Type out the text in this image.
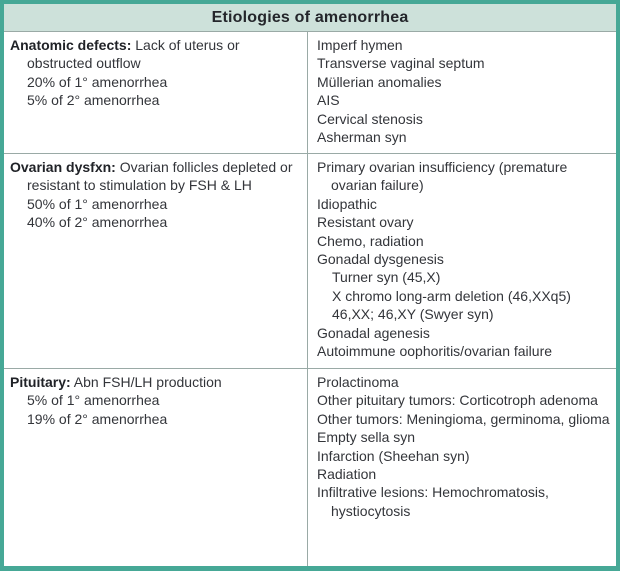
Etiologies of amenorrhea

Anatomic defects: Lack of uterus or obstructed outflow

20% of 1° amenorrhea
5% of 2° amenorrhea

Imperf hymen

Transverse vaginal septum

Müllerian anomalies

AIS

Cervical stenosis

Asherman syn

Ovarian dysfxn: Ovarian follicles depleted or resistant to stimulation by FSH & LH

50% of 1° amenorrhea
40% of 2° amenorrhea

Primary ovarian insufficiency (premature ovarian failure)

Idiopathic

Resistant ovary

Chemo, radiation

Gonadal dysgenesis

Turner syn (45,X)

X chromo long-arm deletion (46,XXq5)

46,XX; 46,XY (Swyer syn)

Gonadal agenesis

Autoimmune oophoritis/ovarian failure

Pituitary: Abn FSH/LH production

5% of 1° amenorrhea
19% of 2° amenorrhea

Prolactinoma

Other pituitary tumors: Corticotroph adenoma

Other tumors: Meningioma, germinoma, glioma

Empty sella syn

Infarction (Sheehan syn)

Radiation

Infiltrative lesions: Hemochromatosis, hystiocytosis
